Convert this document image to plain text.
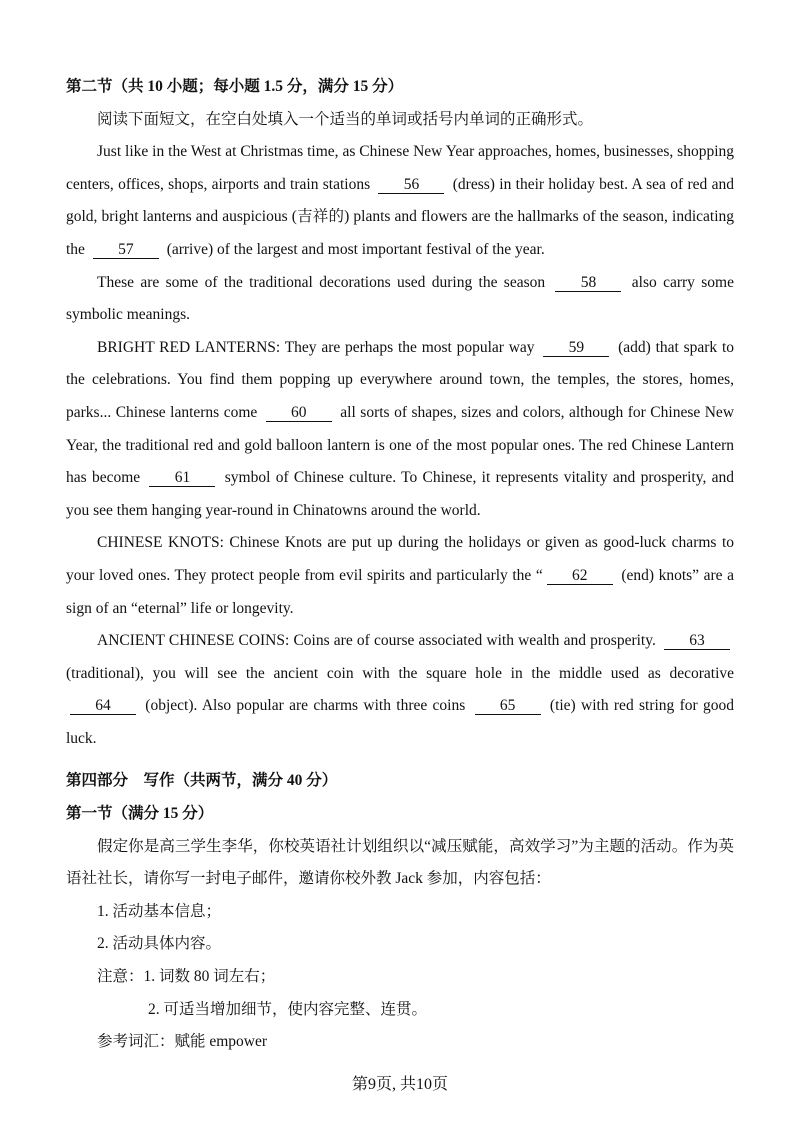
第二节（共 10 小题；每小题 1.5 分，满分 15 分）

阅读下面短文，在空白处填入一个适当的单词或括号内单词的正确形式。

Just like in the West at Christmas time, as Chinese New Year approaches, homes, businesses, shopping centers, offices, shops, airports and train stations 56 (dress) in their holiday best. A sea of red and gold, bright lanterns and auspicious (吉祥的) plants and flowers are the hallmarks of the season, indicating the 57 (arrive) of the largest and most important festival of the year.

These are some of the traditional decorations used during the season 58 also carry some symbolic meanings.

BRIGHT RED LANTERNS: They are perhaps the most popular way 59 (add) that spark to the celebrations. You find them popping up everywhere around town, the temples, the stores, homes, parks... Chinese lanterns come 60 all sorts of shapes, sizes and colors, although for Chinese New Year, the traditional red and gold balloon lantern is one of the most popular ones. The red Chinese Lantern has become 61 symbol of Chinese culture. To Chinese, it represents vitality and prosperity, and you see them hanging year-round in Chinatowns around the world.

CHINESE KNOTS: Chinese Knots are put up during the holidays or given as good-luck charms to your loved ones. They protect people from evil spirits and particularly the “ 62 (end) knots” are a sign of an “eternal” life or longevity.

ANCIENT CHINESE COINS: Coins are of course associated with wealth and prosperity. 63 (traditional), you will see the ancient coin with the square hole in the middle used as decorative 64 (object). Also popular are charms with three coins 65 (tie) with red string for good luck.

第四部分　写作（共两节，满分 40 分）

第一节（满分 15 分）

假定你是高三学生李华，你校英语社计划组织以“减压赋能，高效学习”为主题的活动。作为英语社社长，请你写一封电子邮件，邀请你校外教 Jack 参加，内容包括：

1. 活动基本信息；

2. 活动具体内容。

注意：1. 词数 80 词左右；

2. 可适当增加细节，使内容完整、连贯。

参考词汇：赋能 empower

第9页, 共10页
